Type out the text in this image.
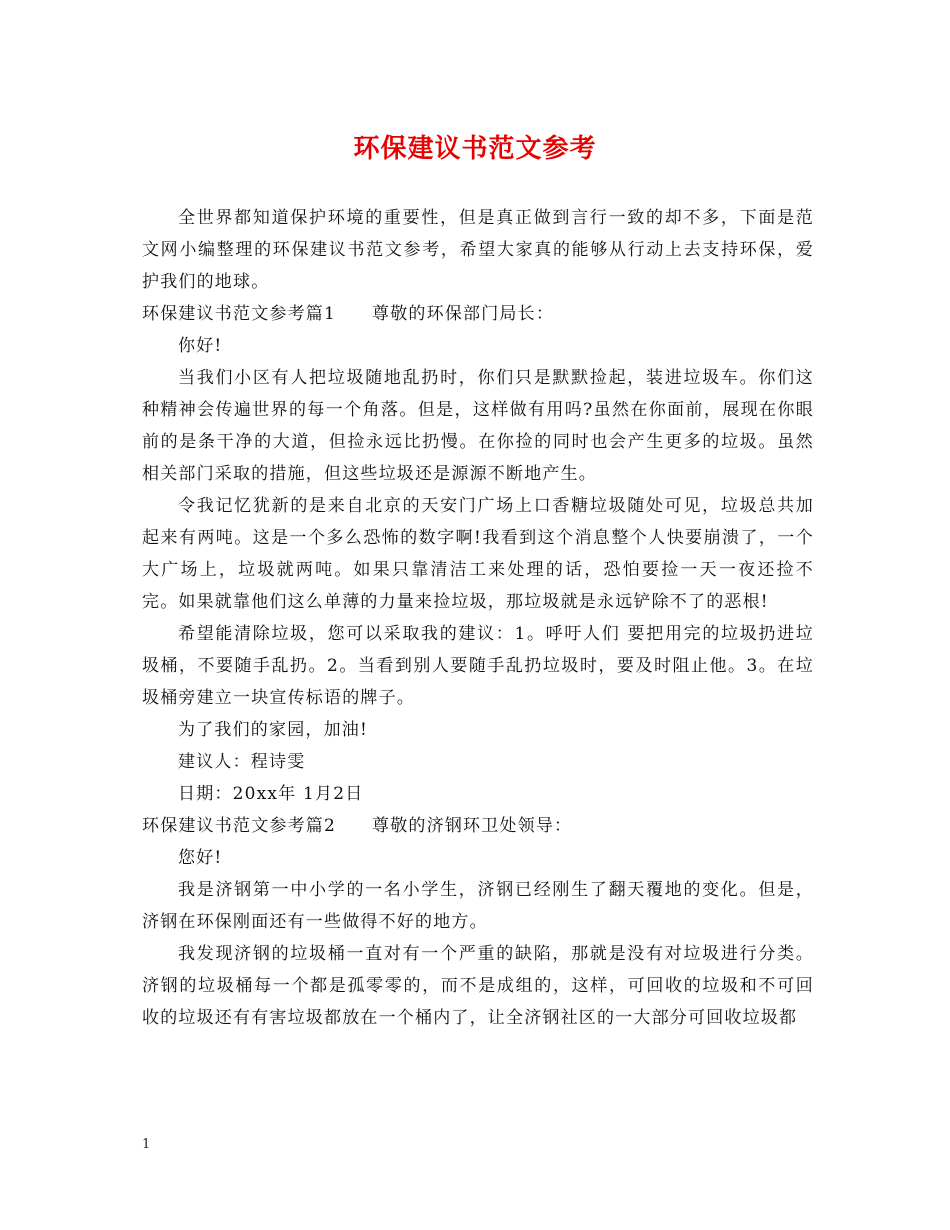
环保建议书范文参考

全世界都知道保护环境的重要性，但是真正做到言行一致的却不多，下面是范文网小编整理的环保建议书范文参考，希望大家真的能够从行动上去支持环保，爱护我们的地球。

环保建议书范文参考篇1 尊敬的环保部门局长：

你好!

当我们小区有人把垃圾随地乱扔时，你们只是默默捡起，装进垃圾车。你们这种精神会传遍世界的每一个角落。但是，这样做有用吗?虽然在你面前，展现在你眼前的是条干净的大道，但捡永远比扔慢。在你捡的同时也会产生更多的垃圾。虽然相关部门采取的措施，但这些垃圾还是源源不断地产生。

令我记忆犹新的是来自北京的天安门广场上口香糖垃圾随处可见，垃圾总共加起来有两吨。这是一个多么恐怖的数字啊!我看到这个消息整个人快要崩溃了，一个大广场上，垃圾就两吨。如果只靠清洁工来处理的话，恐怕要捡一天一夜还捡不完。如果就靠他们这么单薄的力量来捡垃圾，那垃圾就是永远铲除不了的恶根!

希望能清除垃圾，您可以采取我的建议：1。呼吁人们 要把用完的垃圾扔进垃圾桶，不要随手乱扔。2。当看到别人要随手乱扔垃圾时，要及时阻止他。3。在垃圾桶旁建立一块宣传标语的牌子。

为了我们的家园，加油!

建议人：程诗雯

日期：20xx年 1月2日

环保建议书范文参考篇2 尊敬的济钢环卫处领导：

您好!

我是济钢第一中小学的一名小学生，济钢已经刚生了翻天覆地的变化。但是，济钢在环保刚面还有一些做得不好的地方。

我发现济钢的垃圾桶一直对有一个严重的缺陷，那就是没有对垃圾进行分类。济钢的垃圾桶每一个都是孤零零的，而不是成组的，这样，可回收的垃圾和不可回收的垃圾还有有害垃圾都放在一个桶内了，让全济钢社区的一大部分可回收垃圾都

1
